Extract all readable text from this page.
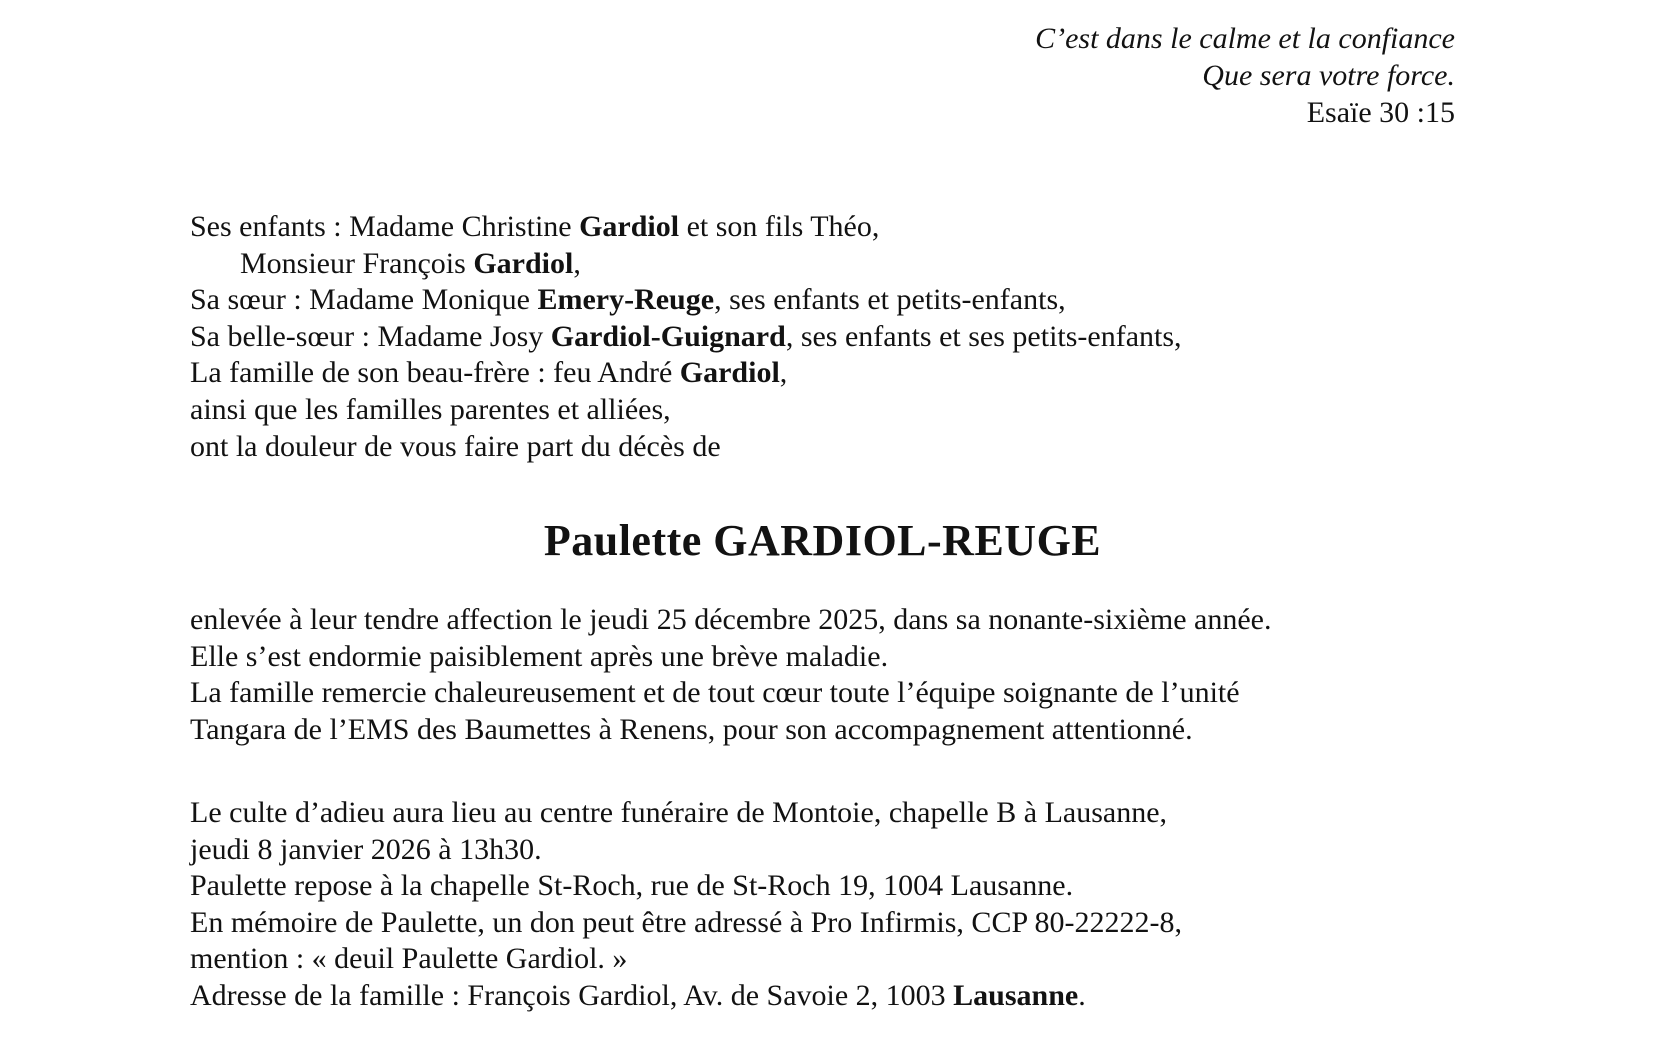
C’est dans le calme et la confiance
Que sera votre force.
Esaïe 30 :15
Ses enfants : Madame Christine Gardiol et son fils Théo,
Monsieur François Gardiol,
Sa sœur : Madame Monique Emery-Reuge, ses enfants et petits-enfants,
Sa belle-sœur : Madame Josy Gardiol-Guignard, ses enfants et ses petits-enfants,
La famille de son beau-frère : feu André Gardiol,
ainsi que les familles parentes et alliées,
ont la douleur de vous faire part du décès de
Paulette GARDIOL-REUGE
enlevée à leur tendre affection le jeudi 25 décembre 2025, dans sa nonante-sixième année.
Elle s’est endormie paisiblement après une brève maladie.
La famille remercie chaleureusement et de tout cœur toute l’équipe soignante de l’unité
Tangara de l’EMS des Baumettes à Renens, pour son accompagnement attentionné.
Le culte d’adieu aura lieu au centre funéraire de Montoie, chapelle B à Lausanne,
jeudi 8 janvier 2026 à 13h30.
Paulette repose à la chapelle St-Roch, rue de St-Roch 19, 1004 Lausanne.
En mémoire de Paulette, un don peut être adressé à Pro Infirmis, CCP 80-22222-8,
mention : « deuil Paulette Gardiol. »
Adresse de la famille : François Gardiol, Av. de Savoie 2, 1003 Lausanne.
